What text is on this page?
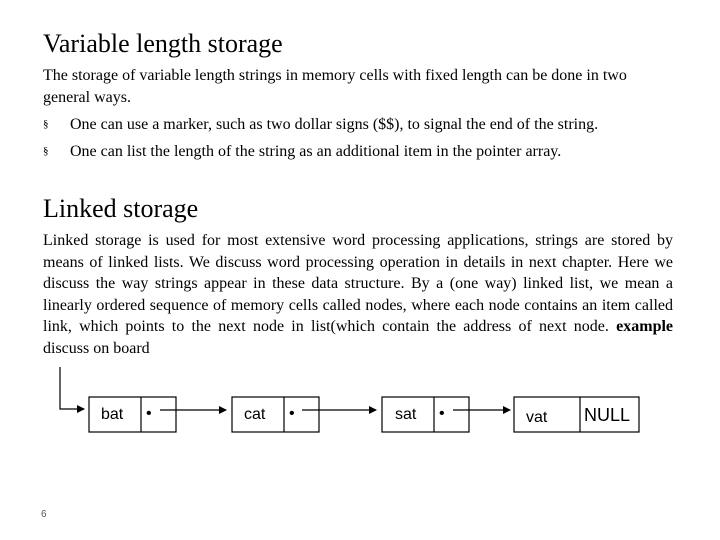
Variable length storage

The storage of variable length strings in memory cells with fixed length can be done in two general ways.

§ One can use a marker, such as two dollar signs ($$), to signal the end of the string.
§ One can list the length of the string as an additional item in the pointer array.
Linked storage

Linked storage is used for most extensive word processing applications, strings are stored by means of linked lists. We discuss word processing operation in details in next chapter. Here we discuss the way strings appear in these data structure. By a (one way) linked list, we mean a linearly ordered sequence of memory cells called nodes, where each node contains an item called link, which points to the next node in list(which contain the address of next node. example discuss on board

bat •	cat •	sat •	vat NULL
6
